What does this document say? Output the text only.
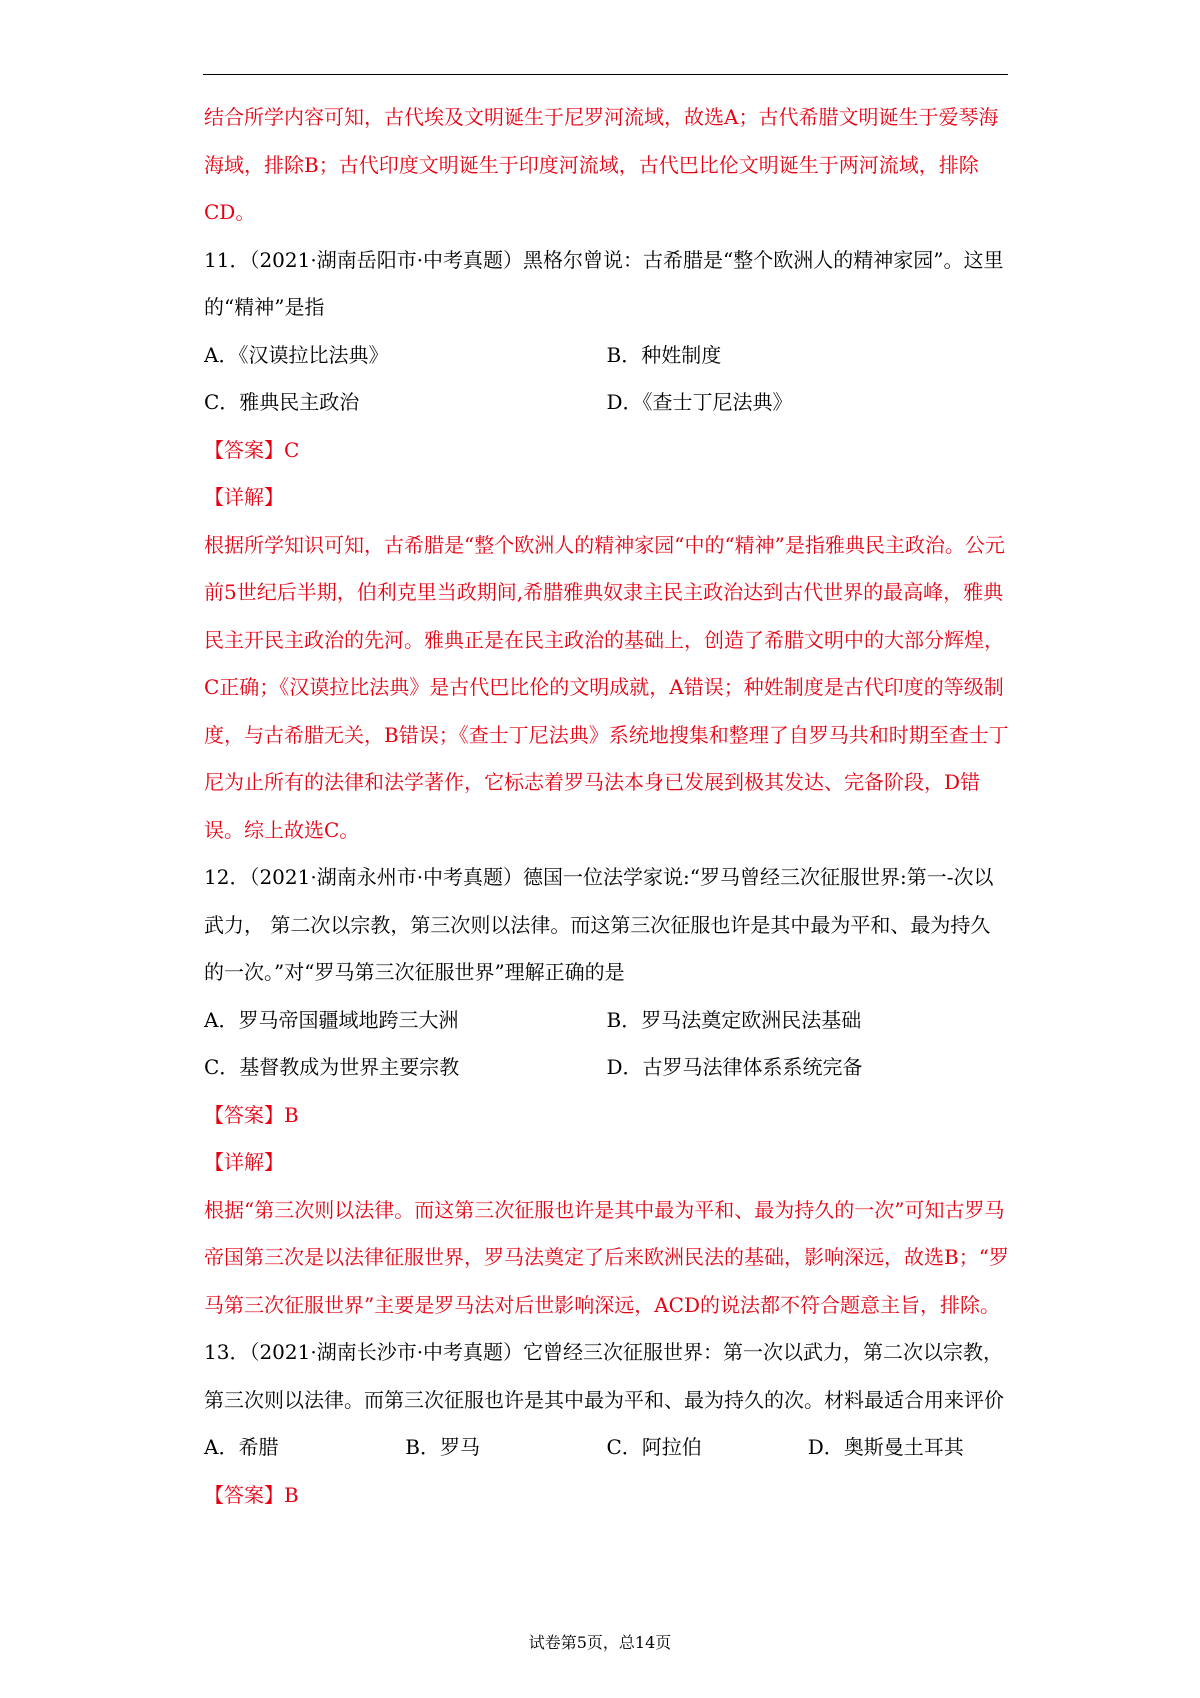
结合所学内容可知，古代埃及文明诞生于尼罗河流域，故选A；古代希腊文明诞生于爱琴海海域，排除B；古代印度文明诞生于印度河流域，古代巴比伦文明诞生于两河流域，排除CD。

11．（2021·湖南岳阳市·中考真题）黑格尔曾说：古希腊是“整个欧洲人的精神家园”。这里的“精神”是指

A．《汉谟拉比法典》	B．种姓制度
C．雅典民主政治	D．《查士丁尼法典》

【答案】C

【详解】

根据所学知识可知，古希腊是“整个欧洲人的精神家园“中的“精神”是指雅典民主政治。公元前5世纪后半期，伯利克里当政期间,希腊雅典奴隶主民主政治达到古代世界的最高峰，雅典民主开民主政治的先河。雅典正是在民主政治的基础上，创造了希腊文明中的大部分辉煌，C正确；《汉谟拉比法典》是古代巴比伦的文明成就，A错误；种姓制度是古代印度的等级制度，与古希腊无关，B错误；《查士丁尼法典》系统地搜集和整理了自罗马共和时期至查士丁尼为止所有的法律和法学著作，它标志着罗马法本身已发展到极其发达、完备阶段，D错误。综上故选C。

12．（2021·湖南永州市·中考真题）德国一位法学家说:“罗马曾经三次征服世界:第一-次以武力， 第二次以宗教，第三次则以法律。而这第三次征服也许是其中最为平和、最为持久的一次。”对“罗马第三次征服世界”理解正确的是

A．罗马帝国疆域地跨三大洲	B．罗马法奠定欧洲民法基础
C．基督教成为世界主要宗教	D．古罗马法律体系系统完备

【答案】B

【详解】

根据“第三次则以法律。而这第三次征服也许是其中最为平和、最为持久的一次”可知古罗马帝国第三次是以法律征服世界，罗马法奠定了后来欧洲民法的基础，影响深远，故选B；“罗马第三次征服世界”主要是罗马法对后世影响深远，ACD的说法都不符合题意主旨，排除。

13．（2021·湖南长沙市·中考真题）它曾经三次征服世界：第一次以武力，第二次以宗教，第三次则以法律。而第三次征服也许是其中最为平和、最为持久的次。材料最适合用来评价

A．希腊	B．罗马	C．阿拉伯	D．奥斯曼土耳其

【答案】B

试卷第5页，总14页
